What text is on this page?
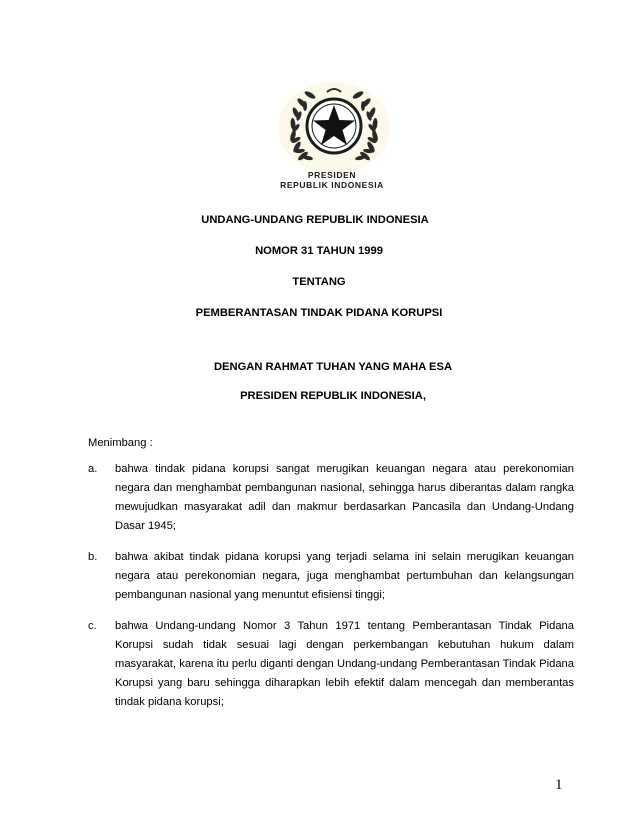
PRESIDEN
REPUBLIK INDONESIA
UNDANG-UNDANG REPUBLIK INDONESIA
NOMOR 31 TAHUN 1999
TENTANG
PEMBERANTASAN TINDAK PIDANA KORUPSI
DENGAN RAHMAT TUHAN YANG MAHA ESA
PRESIDEN REPUBLIK INDONESIA,
Menimbang :
a. bahwa tindak pidana korupsi sangat merugikan keuangan negara atau perekonomian negara dan menghambat pembangunan nasional, sehingga harus diberantas dalam rangka mewujudkan masyarakat adil dan makmur berdasarkan Pancasila dan Undang-Undang Dasar 1945;
b. bahwa akibat tindak pidana korupsi yang terjadi selama ini selain merugikan keuangan negara atau perekonomian negara, juga menghambat pertumbuhan dan kelangsungan pembangunan nasional yang menuntut efisiensi tinggi;
c. bahwa Undang-undang Nomor 3 Tahun 1971 tentang Pemberantasan Tindak Pidana Korupsi sudah tidak sesuai lagi dengan perkembangan kebutuhan hukum dalam masyarakat, karena itu perlu diganti dengan Undang-undang Pemberantasan Tindak Pidana Korupsi yang baru sehingga diharapkan lebih efektif dalam mencegah dan memberantas tindak pidana korupsi;
1
